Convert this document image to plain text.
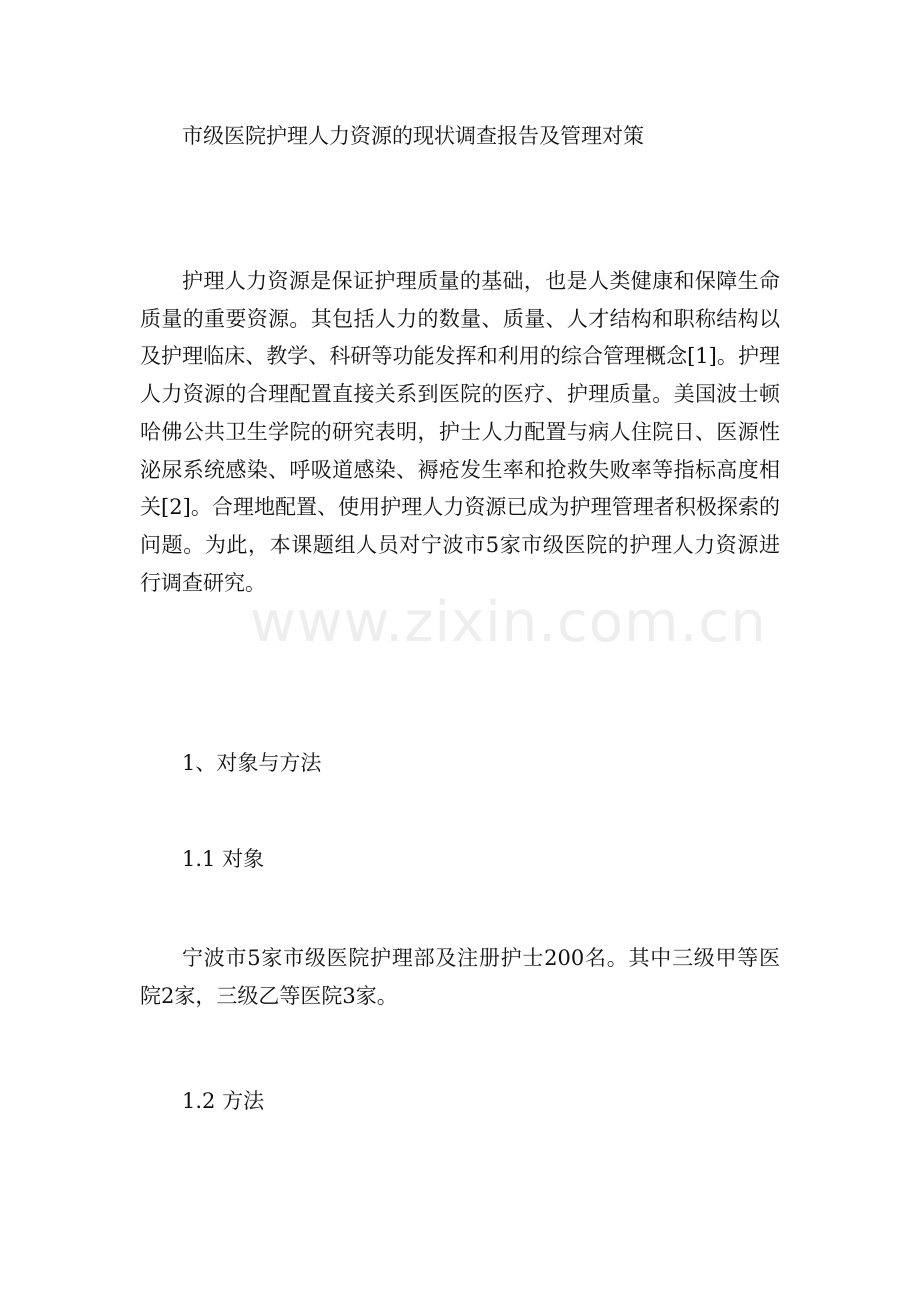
市级医院护理人力资源的现状调查报告及管理对策

护理人力资源是保证护理质量的基础，也是人类健康和保障生命质量的重要资源。其包括人力的数量、质量、人才结构和职称结构以及护理临床、教学、科研等功能发挥和利用的综合管理概念[1]。护理人力资源的合理配置直接关系到医院的医疗、护理质量。美国波士顿哈佛公共卫生学院的研究表明，护士人力配置与病人住院日、医源性泌尿系统感染、呼吸道感染、褥疮发生率和抢救失败率等指标高度相关[2]。合理地配置、使用护理人力资源已成为护理管理者积极探索的问题。为此，本课题组人员对宁波市5家市级医院的护理人力资源进行调查研究。

1、对象与方法
1.1 对象

宁波市5家市级医院护理部及注册护士200名。其中三级甲等医院2家，三级乙等医院3家。

1.2 方法
www.zixin.com.cn
